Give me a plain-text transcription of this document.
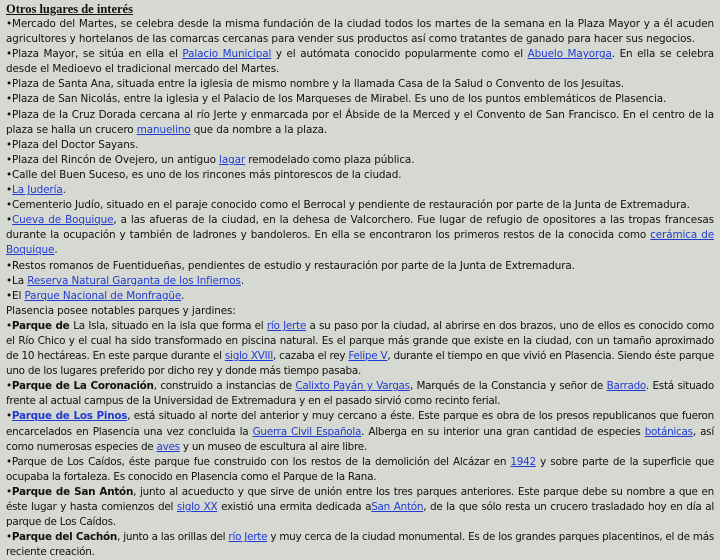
Otros lugares de interés

•Mercado del Martes, se celebra desde la misma fundación de la ciudad todos los martes de la semana en la Plaza Mayor y a él acuden agricultores y hortelanos de las comarcas cercanas para vender sus productos así como tratantes de ganado para hacer sus negocios.

•Plaza Mayor, se sitúa en ella el Palacio Municipal y el autómata conocido popularmente como el Abuelo Mayorga. En ella se celebra desde el Medioevo el tradicional mercado del Martes.

•Plaza de Santa Ana, situada entre la iglesia de mismo nombre y la llamada Casa de la Salud o Convento de los Jesuitas.

•Plaza de San Nicolás, entre la iglesia y el Palacio de los Marqueses de Mirabel. Es uno de los puntos emblemáticos de Plasencia.

•Plaza de la Cruz Dorada cercana al río Jerte y enmarcada por el Ábside de la Merced y el Convento de San Francisco. En el centro de la plaza se halla un crucero manuelino que da nombre a la plaza.

•Plaza del Doctor Sayans.

•Plaza del Rincón de Ovejero, un antiguo lagar remodelado como plaza pública.

•Calle del Buen Suceso, es uno de los rincones más pintorescos de la ciudad.

•La Judería.

•Cementerio Judío, situado en el paraje conocido como el Berrocal y pendiente de restauración por parte de la Junta de Extremadura.

•Cueva de Boquique, a las afueras de la ciudad, en la dehesa de Valcorchero. Fue lugar de refugio de opositores a las tropas francesas durante la ocupación y también de ladrones y bandoleros. En ella se encontraron los primeros restos de la conocida como cerámica de Boquique.

•Restos romanos de Fuentidueñas, pendientes de estudio y restauración por parte de la Junta de Extremadura.

•La Reserva Natural Garganta de los Infiernos.

•El Parque Nacional de Monfragüe.

Plasencia posee notables parques y jardines:

•Parque de La Isla, situado en la isla que forma el río Jerte a su paso por la ciudad, al abrirse en dos brazos, uno de ellos es conocido como el Río Chico y el cual ha sido transformado en piscina natural. Es el parque más grande que existe en la ciudad, con un tamaño aproximado de 10 hectáreas. En este parque durante el siglo XVIII, cazaba el rey Felipe V, durante el tiempo en que vivió en Plasencia. Siendo éste parque uno de los lugares preferido por dicho rey y donde más tiempo pasaba.

•Parque de La Coronación, construido a instancias de Calixto Payán y Vargas, Marqués de la Constancia y señor de Barrado. Está situado frente al actual campus de la Universidad de Extremadura y en el pasado sirvió como recinto ferial.

•Parque de Los Pinos, está situado al norte del anterior y muy cercano a éste. Este parque es obra de los presos republicanos que fueron encarcelados en Plasencia una vez concluida la Guerra Civil Española. Alberga en su interior una gran cantidad de especies botánicas, así como numerosas especies de aves y un museo de escultura al aire libre.

•Parque de Los Caídos, éste parque fue construido con los restos de la demolición del Alcázar en 1942 y sobre parte de la superficie que ocupaba la fortaleza. Es conocido en Plasencia como el Parque de la Rana.

•Parque de San Antón, junto al acueducto y que sirve de unión entre los tres parques anteriores. Este parque debe su nombre a que en éste lugar y hasta comienzos del siglo XX existió una ermita dedicada aSan Antón, de la que sólo resta un crucero trasladado hoy en día al parque de Los Caídos.

•Parque del Cachón, junto a las orillas del río Jerte y muy cerca de la ciudad monumental. Es de los grandes parques placentinos, el de más reciente creación.
